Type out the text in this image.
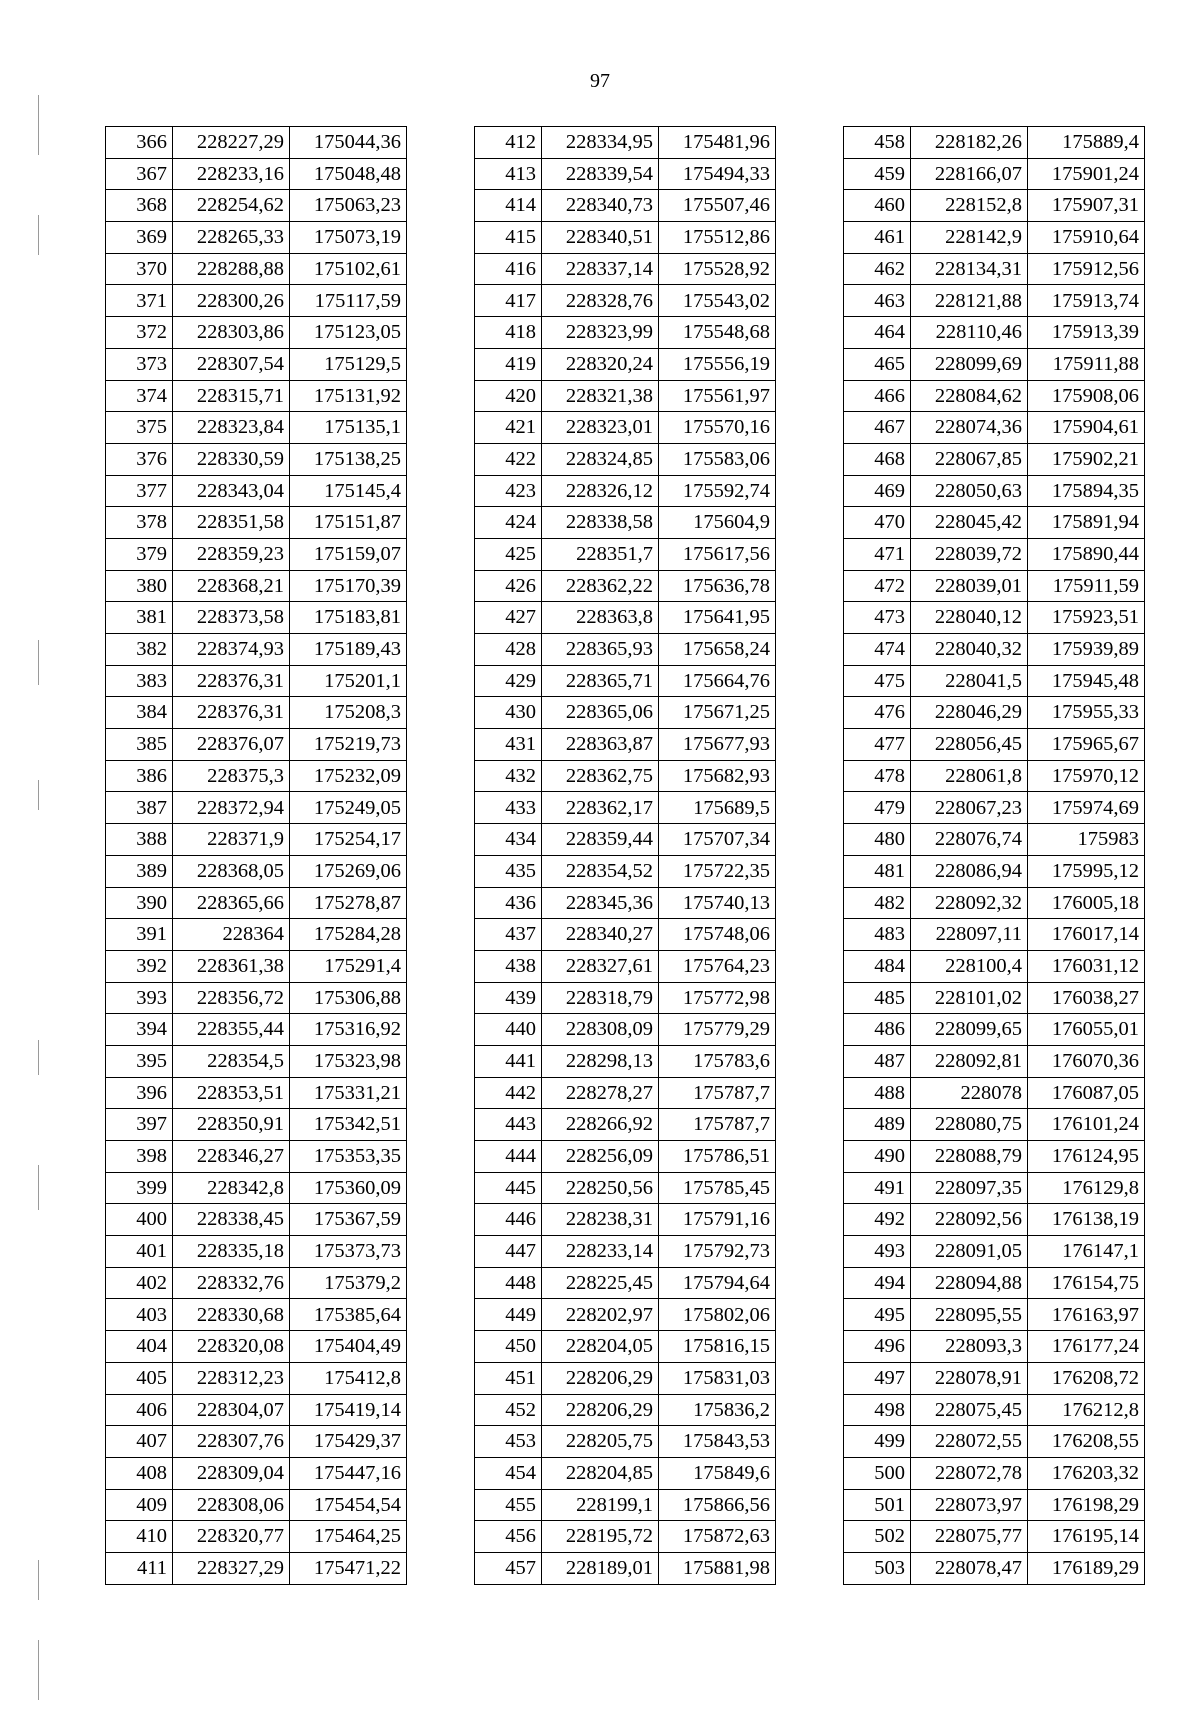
97
366	228227,29	175044,36
367	228233,16	175048,48
368	228254,62	175063,23
369	228265,33	175073,19
370	228288,88	175102,61
371	228300,26	175117,59
372	228303,86	175123,05
373	228307,54	175129,5
374	228315,71	175131,92
375	228323,84	175135,1
376	228330,59	175138,25
377	228343,04	175145,4
378	228351,58	175151,87
379	228359,23	175159,07
380	228368,21	175170,39
381	228373,58	175183,81
382	228374,93	175189,43
383	228376,31	175201,1
384	228376,31	175208,3
385	228376,07	175219,73
386	228375,3	175232,09
387	228372,94	175249,05
388	228371,9	175254,17
389	228368,05	175269,06
390	228365,66	175278,87
391	228364	175284,28
392	228361,38	175291,4
393	228356,72	175306,88
394	228355,44	175316,92
395	228354,5	175323,98
396	228353,51	175331,21
397	228350,91	175342,51
398	228346,27	175353,35
399	228342,8	175360,09
400	228338,45	175367,59
401	228335,18	175373,73
402	228332,76	175379,2
403	228330,68	175385,64
404	228320,08	175404,49
405	228312,23	175412,8
406	228304,07	175419,14
407	228307,76	175429,37
408	228309,04	175447,16
409	228308,06	175454,54
410	228320,77	175464,25
411	228327,29	175471,22
412	228334,95	175481,96
413	228339,54	175494,33
414	228340,73	175507,46
415	228340,51	175512,86
416	228337,14	175528,92
417	228328,76	175543,02
418	228323,99	175548,68
419	228320,24	175556,19
420	228321,38	175561,97
421	228323,01	175570,16
422	228324,85	175583,06
423	228326,12	175592,74
424	228338,58	175604,9
425	228351,7	175617,56
426	228362,22	175636,78
427	228363,8	175641,95
428	228365,93	175658,24
429	228365,71	175664,76
430	228365,06	175671,25
431	228363,87	175677,93
432	228362,75	175682,93
433	228362,17	175689,5
434	228359,44	175707,34
435	228354,52	175722,35
436	228345,36	175740,13
437	228340,27	175748,06
438	228327,61	175764,23
439	228318,79	175772,98
440	228308,09	175779,29
441	228298,13	175783,6
442	228278,27	175787,7
443	228266,92	175787,7
444	228256,09	175786,51
445	228250,56	175785,45
446	228238,31	175791,16
447	228233,14	175792,73
448	228225,45	175794,64
449	228202,97	175802,06
450	228204,05	175816,15
451	228206,29	175831,03
452	228206,29	175836,2
453	228205,75	175843,53
454	228204,85	175849,6
455	228199,1	175866,56
456	228195,72	175872,63
457	228189,01	175881,98
458	228182,26	175889,4
459	228166,07	175901,24
460	228152,8	175907,31
461	228142,9	175910,64
462	228134,31	175912,56
463	228121,88	175913,74
464	228110,46	175913,39
465	228099,69	175911,88
466	228084,62	175908,06
467	228074,36	175904,61
468	228067,85	175902,21
469	228050,63	175894,35
470	228045,42	175891,94
471	228039,72	175890,44
472	228039,01	175911,59
473	228040,12	175923,51
474	228040,32	175939,89
475	228041,5	175945,48
476	228046,29	175955,33
477	228056,45	175965,67
478	228061,8	175970,12
479	228067,23	175974,69
480	228076,74	175983
481	228086,94	175995,12
482	228092,32	176005,18
483	228097,11	176017,14
484	228100,4	176031,12
485	228101,02	176038,27
486	228099,65	176055,01
487	228092,81	176070,36
488	228078	176087,05
489	228080,75	176101,24
490	228088,79	176124,95
491	228097,35	176129,8
492	228092,56	176138,19
493	228091,05	176147,1
494	228094,88	176154,75
495	228095,55	176163,97
496	228093,3	176177,24
497	228078,91	176208,72
498	228075,45	176212,8
499	228072,55	176208,55
500	228072,78	176203,32
501	228073,97	176198,29
502	228075,77	176195,14
503	228078,47	176189,29
